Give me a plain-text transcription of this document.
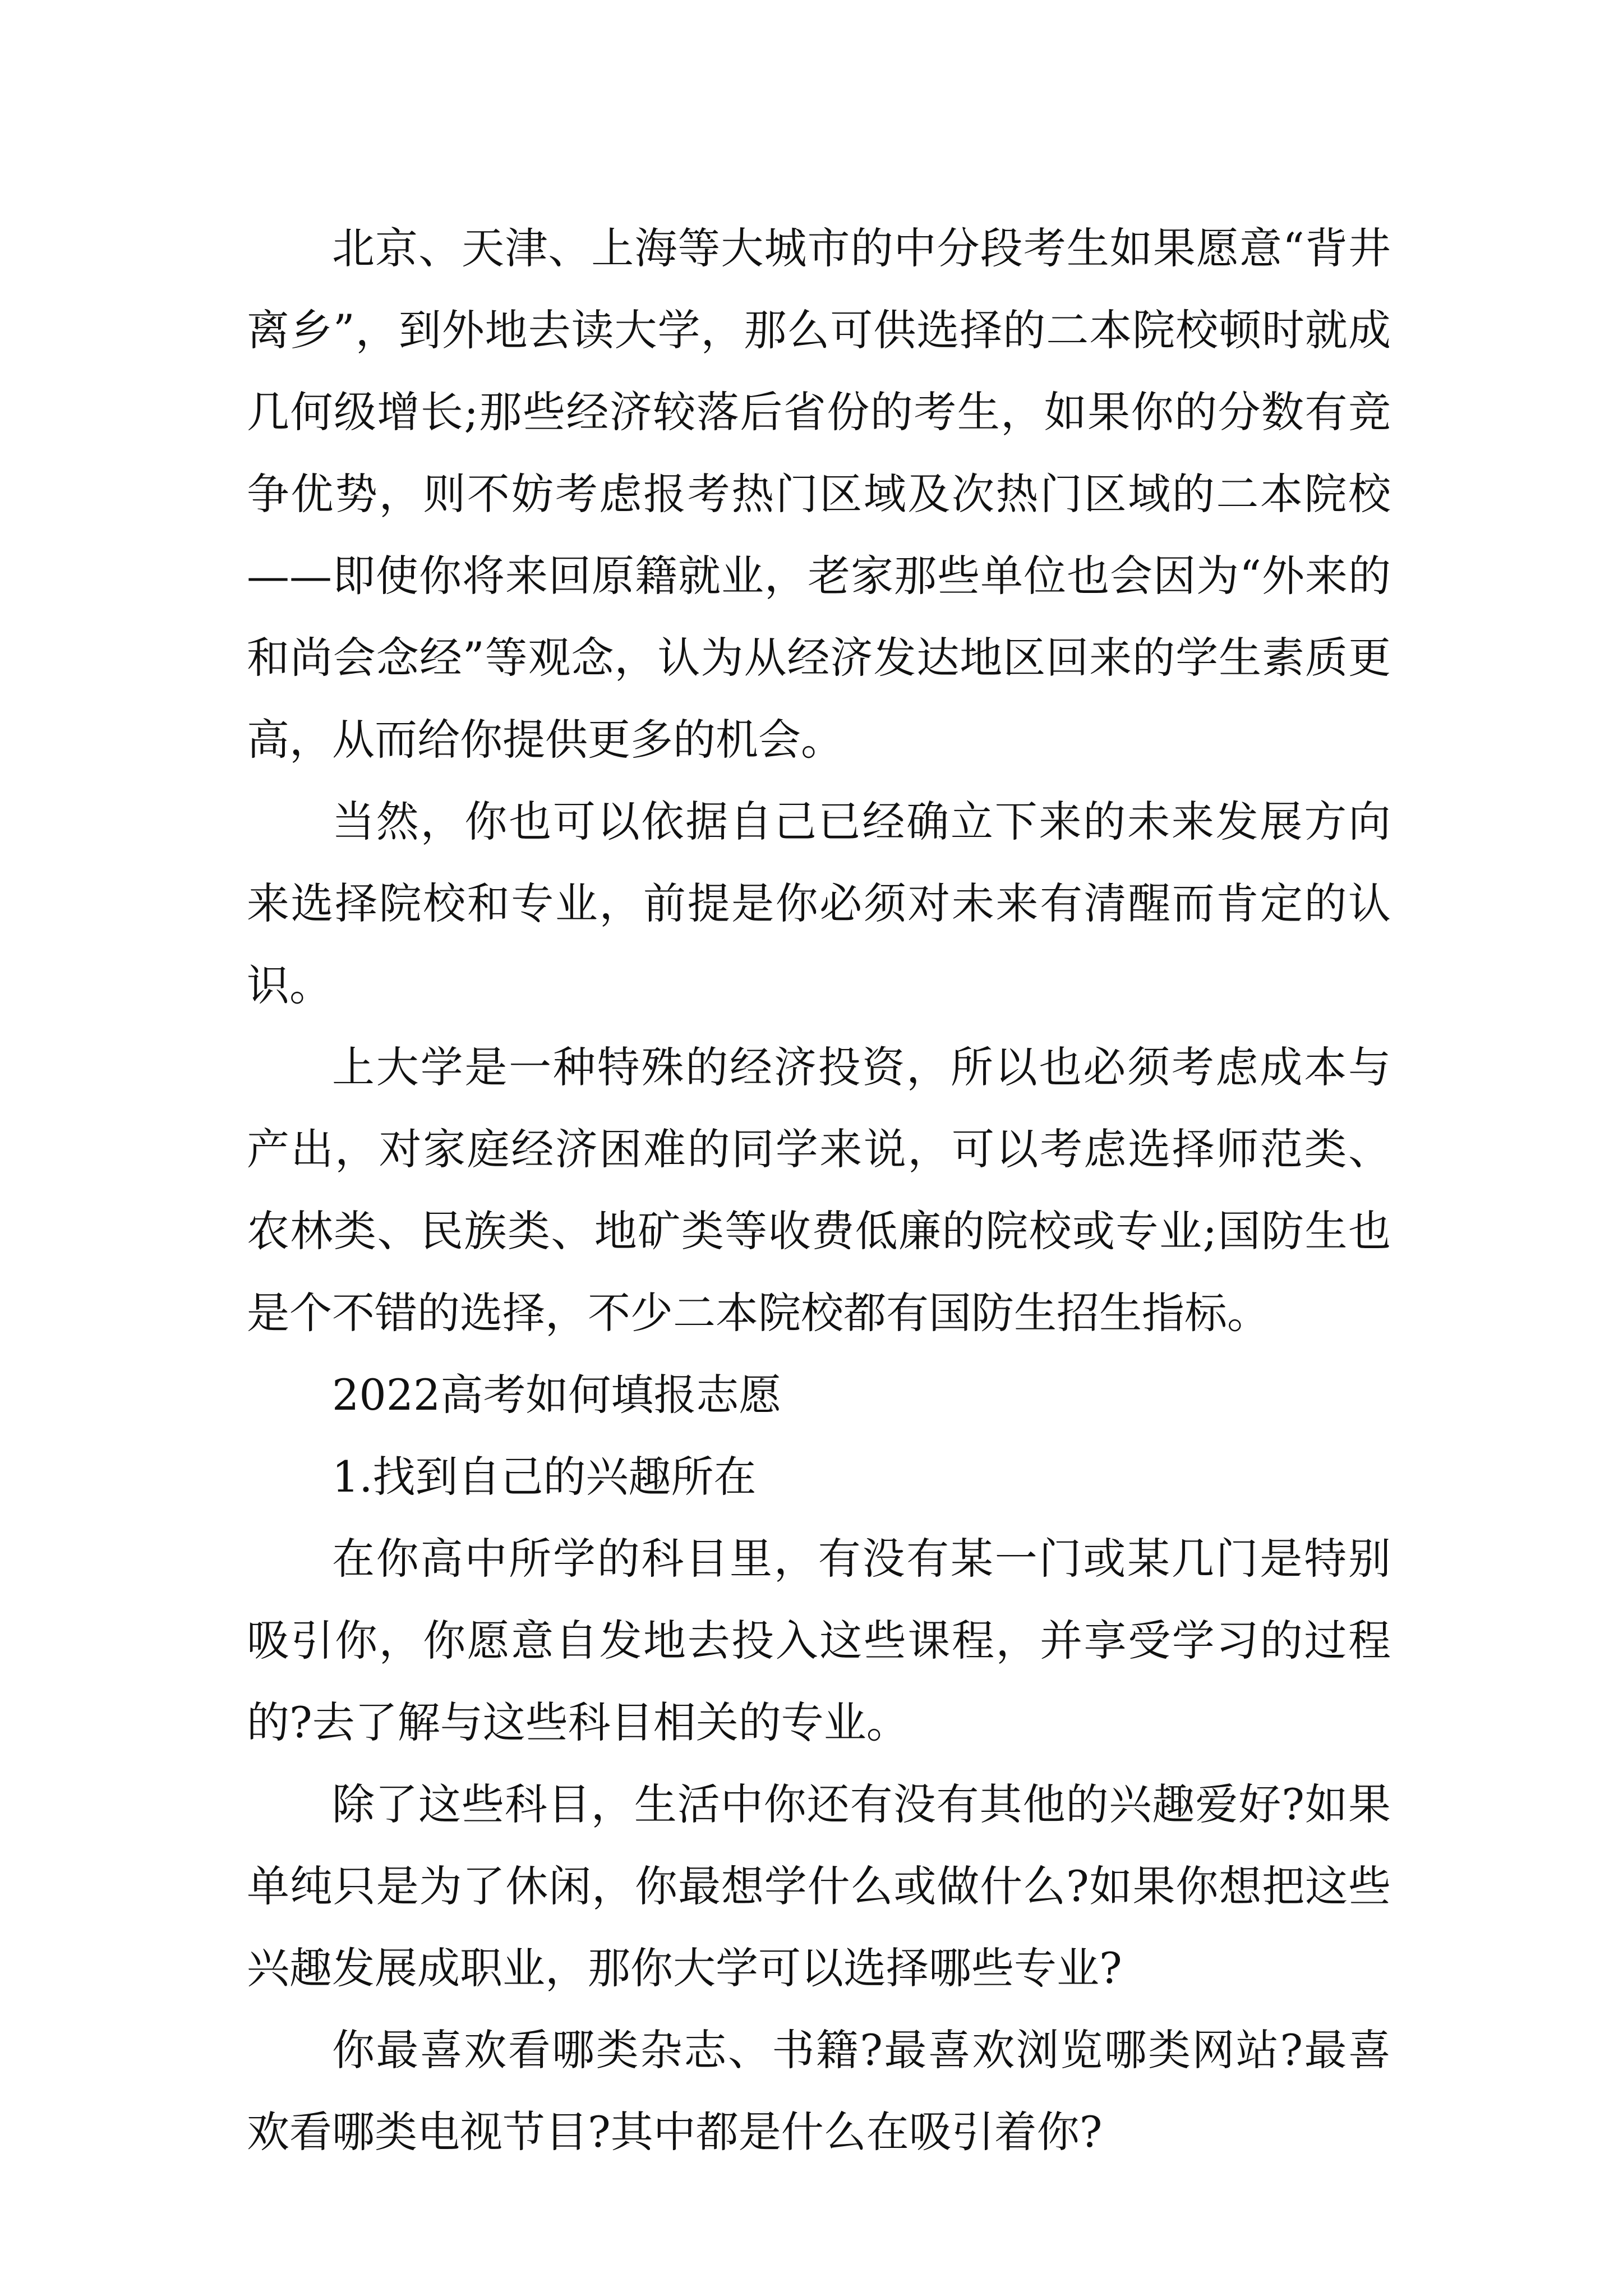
北京、天津、上海等大城市的中分段考生如果愿意“背井离乡”，到外地去读大学，那么可供选择的二本院校顿时就成几何级增长;那些经济较落后省份的考生，如果你的分数有竞争优势，则不妨考虑报考热门区域及次热门区域的二本院校——即使你将来回原籍就业，老家那些单位也会因为“外来的和尚会念经”等观念，认为从经济发达地区回来的学生素质更高，从而给你提供更多的机会。

当然，你也可以依据自己已经确立下来的未来发展方向来选择院校和专业，前提是你必须对未来有清醒而肯定的认识。

上大学是一种特殊的经济投资，所以也必须考虑成本与产出，对家庭经济困难的同学来说，可以考虑选择师范类、农林类、民族类、地矿类等收费低廉的院校或专业;国防生也是个不错的选择，不少二本院校都有国防生招生指标。

2022高考如何填报志愿

1.找到自己的兴趣所在

在你高中所学的科目里，有没有某一门或某几门是特别吸引你，你愿意自发地去投入这些课程，并享受学习的过程的?去了解与这些科目相关的专业。

除了这些科目，生活中你还有没有其他的兴趣爱好?如果单纯只是为了休闲，你最想学什么或做什么?如果你想把这些兴趣发展成职业，那你大学可以选择哪些专业?

你最喜欢看哪类杂志、书籍?最喜欢浏览哪类网站?最喜欢看哪类电视节目?其中都是什么在吸引着你?
